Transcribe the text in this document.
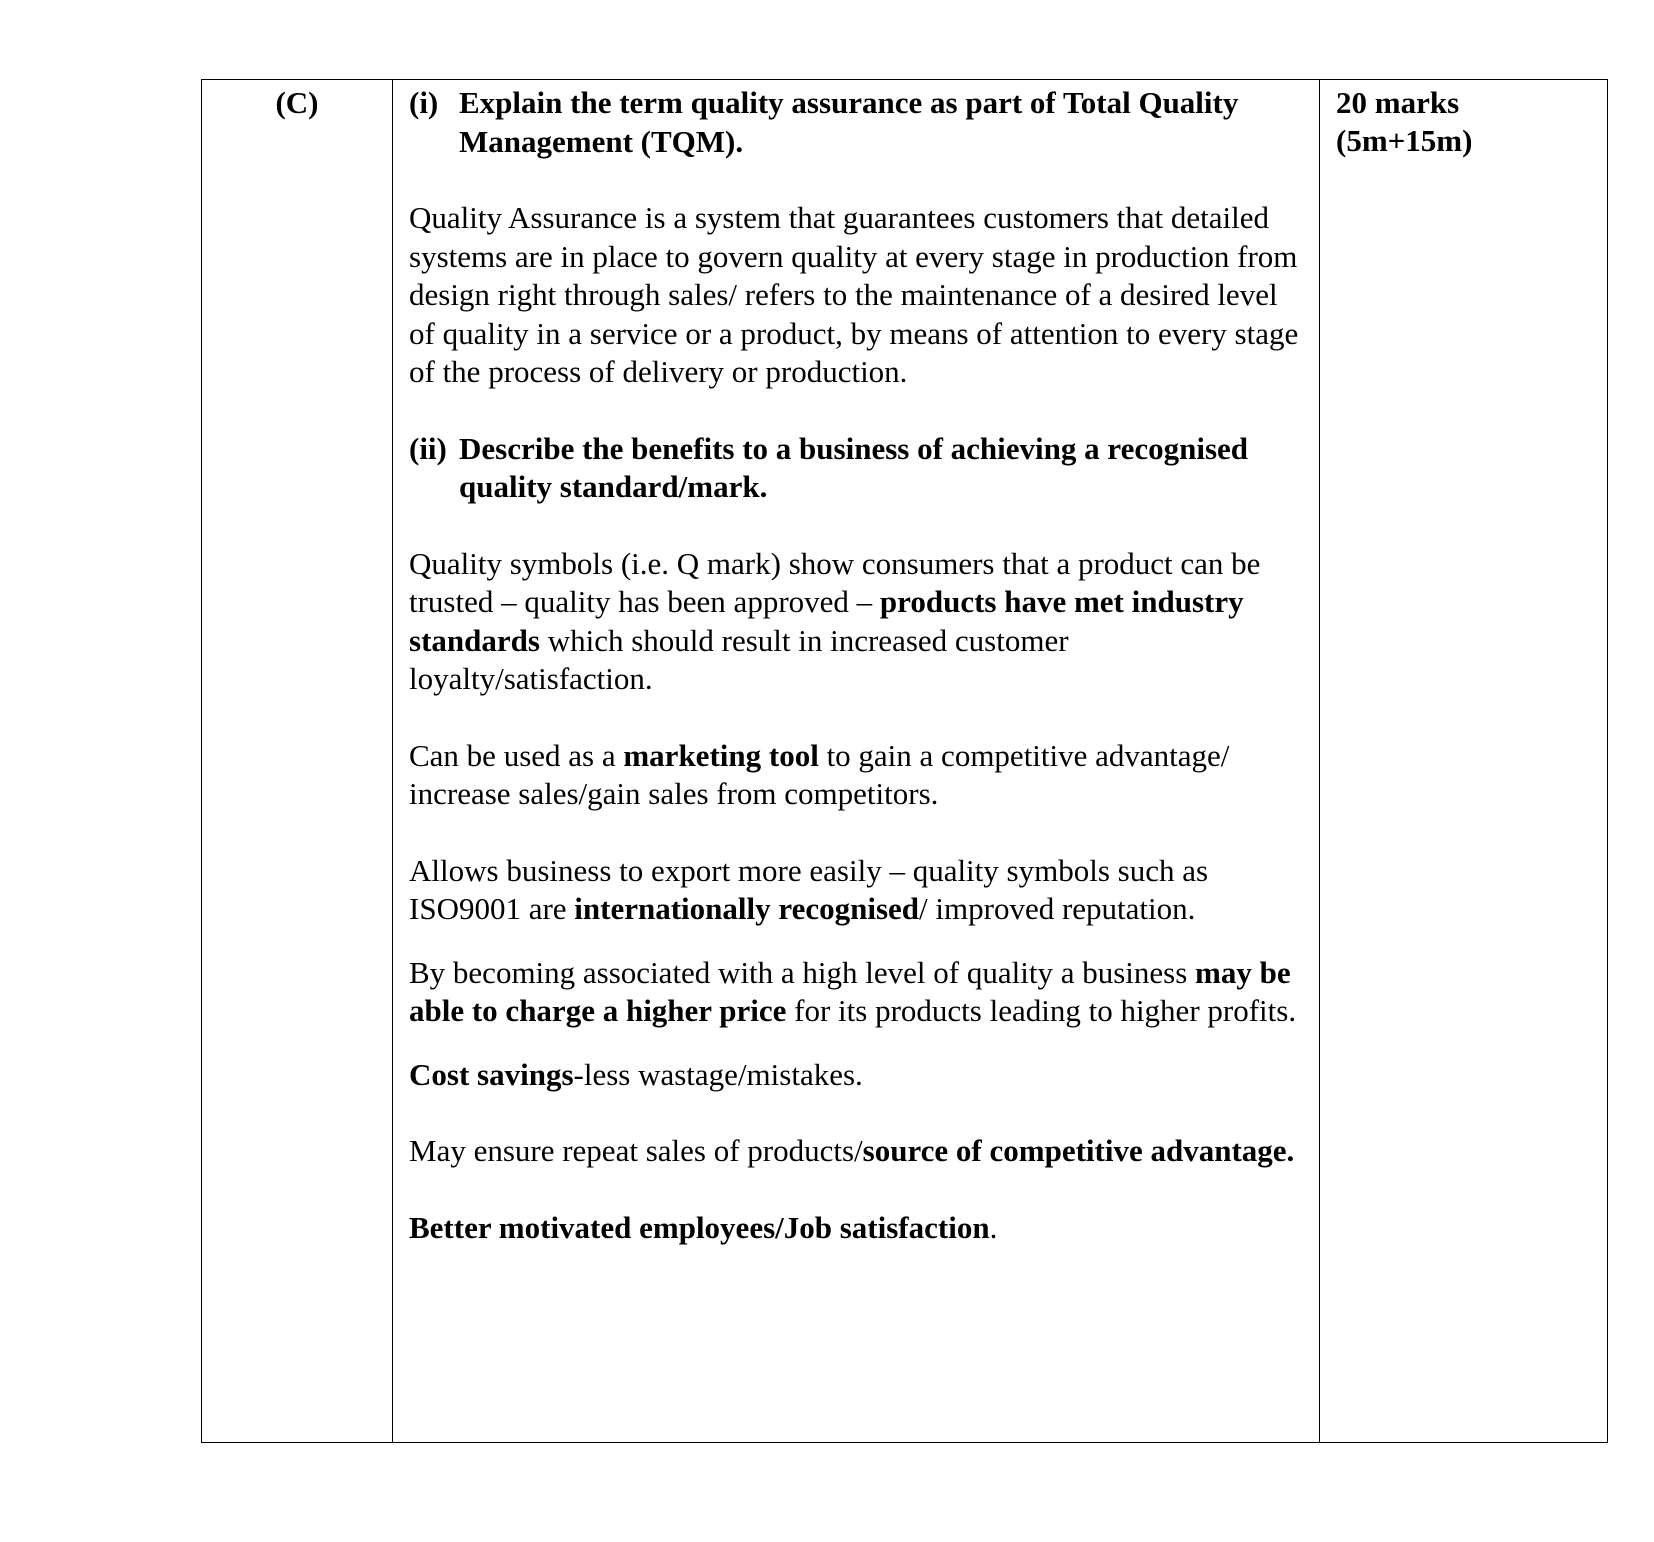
(C)	20 marks
(5m+15m)
(i) Explain the term quality assurance as part of Total Quality Management (TQM).

Quality Assurance is a system that guarantees customers that detailed systems are in place to govern quality at every stage in production from design right through sales/ refers to the maintenance of a desired level of quality in a service or a product, by means of attention to every stage of the process of delivery or production.

(ii) Describe the benefits to a business of achieving a recognised quality standard/mark.

Quality symbols (i.e. Q mark) show consumers that a product can be trusted – quality has been approved – products have met industry standards which should result in increased customer loyalty/satisfaction.

Can be used as a marketing tool to gain a competitive advantage/ increase sales/gain sales from competitors.

Allows business to export more easily – quality symbols such as ISO9001 are internationally recognised/ improved reputation.

By becoming associated with a high level of quality a business may be able to charge a higher price for its products leading to higher profits.

Cost savings-less wastage/mistakes.

May ensure repeat sales of products/source of competitive advantage.

Better motivated employees/Job satisfaction.
